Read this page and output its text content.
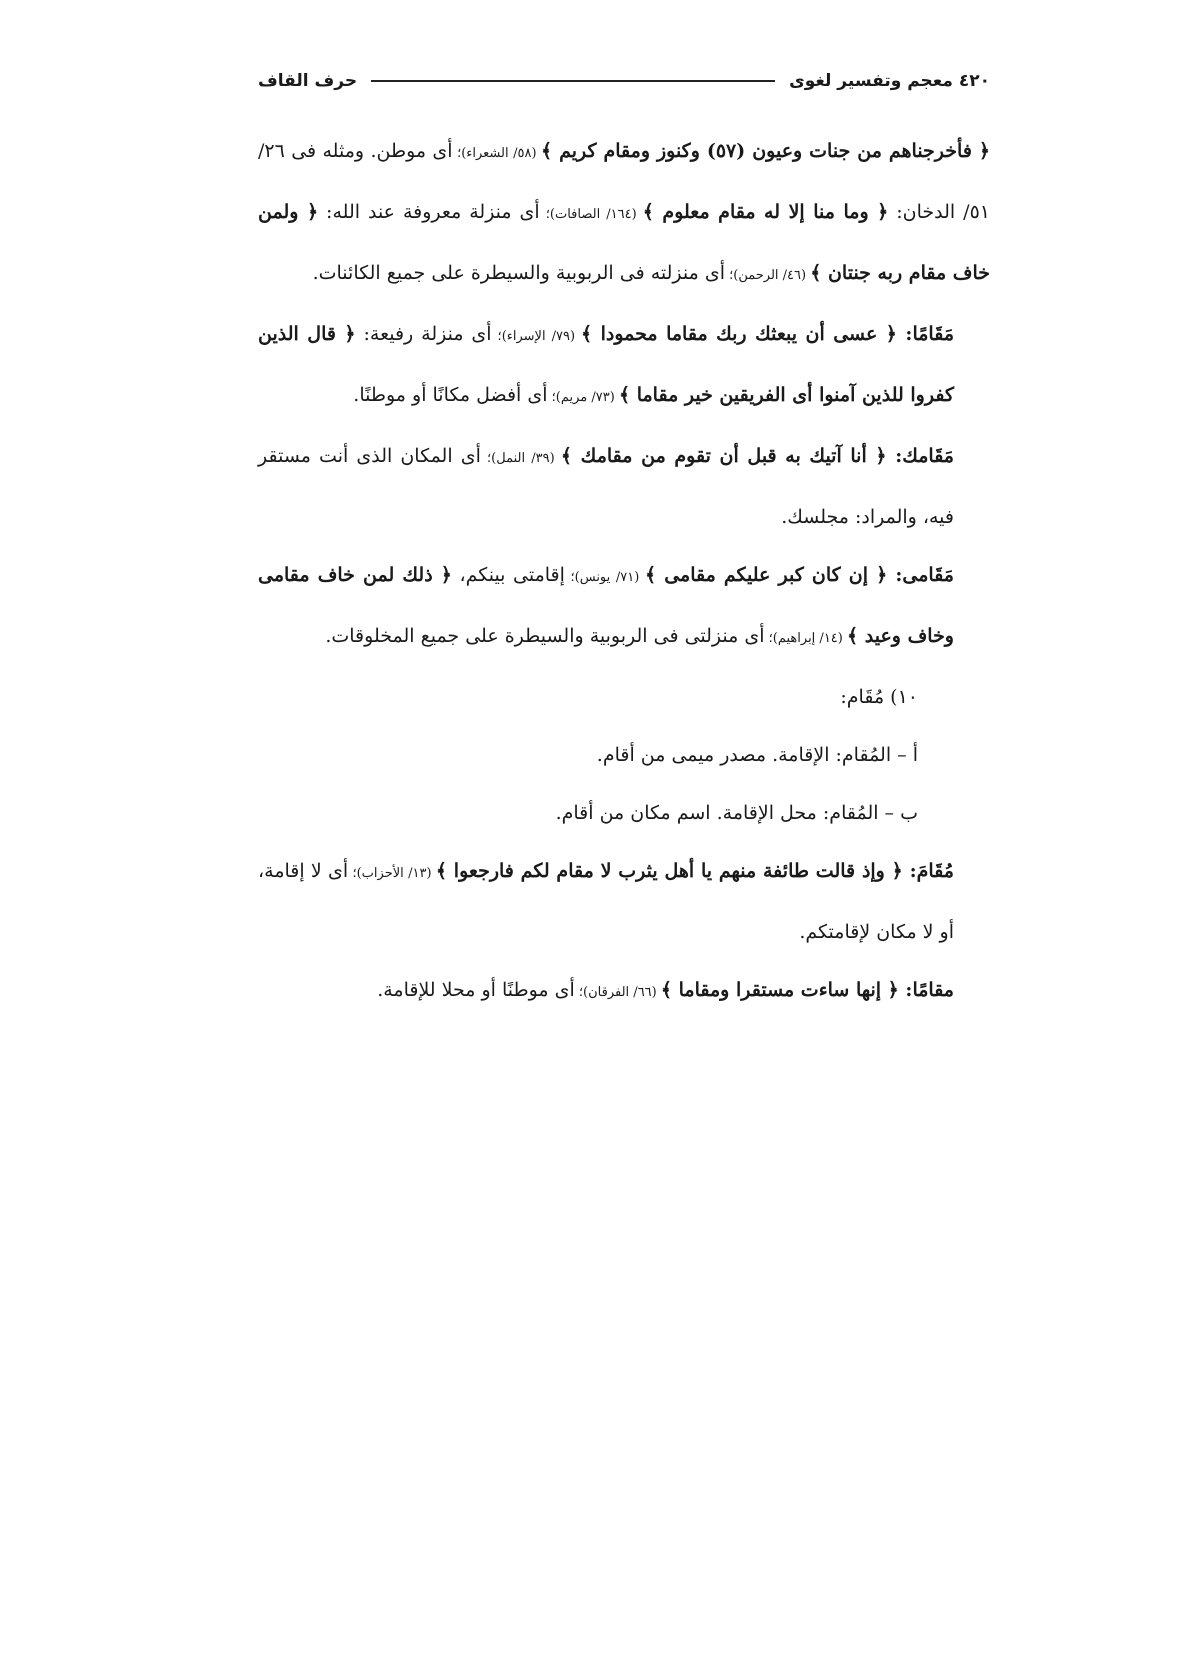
حرف القاف	٤٢٠ معجم وتفسير لغوى

﴿ فأخرجناهم من جنات وعيون (٥٧) وكنوز ومقام كريم ﴾ (٥٨/ الشعراء)؛ أى موطن. ومثله فى ٢٦/ ٥١/ الدخان: ﴿ وما منا إلا له مقام معلوم ﴾ (١٦٤/ الصافات)؛ أى منزلة معروفة عند الله: ﴿ ولمن خاف مقام ربه جنتان ﴾ (٤٦/ الرحمن)؛ أى منزلته فى الربوبية والسيطرة على جميع الكائنات.

مَقَامًا: ﴿ عسى أن يبعثك ربك مقاما محمودا ﴾ (٧٩/ الإسراء)؛ أى منزلة رفيعة: ﴿ قال الذين كفروا للذين آمنوا أى الفريقين خير مقاما ﴾ (٧٣/ مريم)؛ أى أفضل مكانًا أو موطنًا.

مَقَامك: ﴿ أنا آتيك به قبل أن تقوم من مقامك ﴾ (٣٩/ النمل)؛ أى المكان الذى أنت مستقر فيه، والمراد: مجلسك.

مَقَامى: ﴿ إن كان كبر عليكم مقامى ﴾ (٧١/ يونس)؛ إقامتى بينكم، ﴿ ذلك لمن خاف مقامى وخاف وعيد ﴾ (١٤/ إبراهيم)؛ أى منزلتى فى الربوبية والسيطرة على جميع المخلوقات.

١٠) مُقَام:

أ – المُقام: الإقامة. مصدر ميمى من أقام.

ب – المُقام: محل الإقامة. اسم مكان من أقام.

مُقَامَ: ﴿ وإذ قالت طائفة منهم يا أهل يثرب لا مقام لكم فارجعوا ﴾ (١٣/ الأحزاب)؛ أى لا إقامة، أو لا مكان لإقامتكم.

مقامًا: ﴿ إنها ساءت مستقرا ومقاما ﴾ (٦٦/ الفرقان)؛ أى موطنًا أو محلا للإقامة.
